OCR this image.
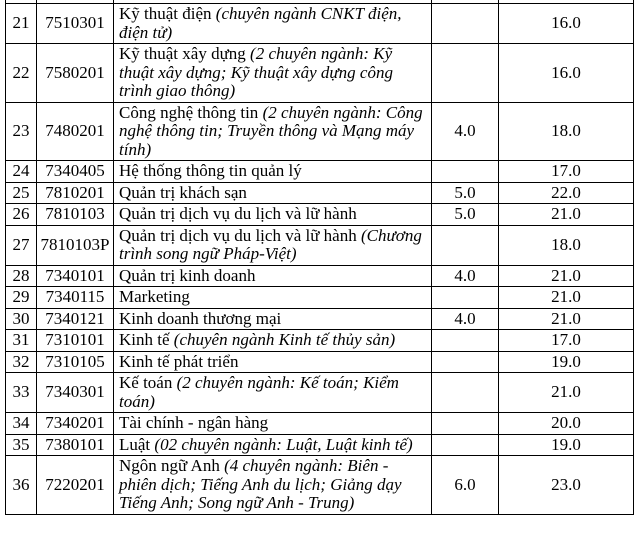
21	7510301	Kỹ thuật điện (chuyên ngành CNKT điện, điện tử)		16.0
22	7580201	Kỹ thuật xây dựng (2 chuyên ngành: Kỹ thuật xây dựng; Kỹ thuật xây dựng công trình giao thông)		16.0
23	7480201	Công nghệ thông tin (2 chuyên ngành: Công nghệ thông tin; Truyền thông và Mạng máy tính)	4.0	18.0
24	7340405	Hệ thống thông tin quản lý		17.0
25	7810201	Quản trị khách sạn	5.0	22.0
26	7810103	Quản trị dịch vụ du lịch và lữ hành	5.0	21.0
27	7810103P	Quản trị dịch vụ du lịch và lữ hành (Chương trình song ngữ Pháp-Việt)		18.0
28	7340101	Quản trị kinh doanh	4.0	21.0
29	7340115	Marketing		21.0
30	7340121	Kinh doanh thương mại	4.0	21.0
31	7310101	Kinh tế (chuyên ngành Kinh tế thủy sản)		17.0
32	7310105	Kinh tế phát triển		19.0
33	7340301	Kế toán (2 chuyên ngành: Kế toán; Kiểm toán)		21.0
34	7340201	Tài chính - ngân hàng		20.0
35	7380101	Luật (02 chuyên ngành: Luật, Luật kinh tế)		19.0
36	7220201	Ngôn ngữ Anh (4 chuyên ngành: Biên - phiên dịch; Tiếng Anh du lịch; Giảng dạy Tiếng Anh; Song ngữ Anh - Trung)	6.0	23.0
